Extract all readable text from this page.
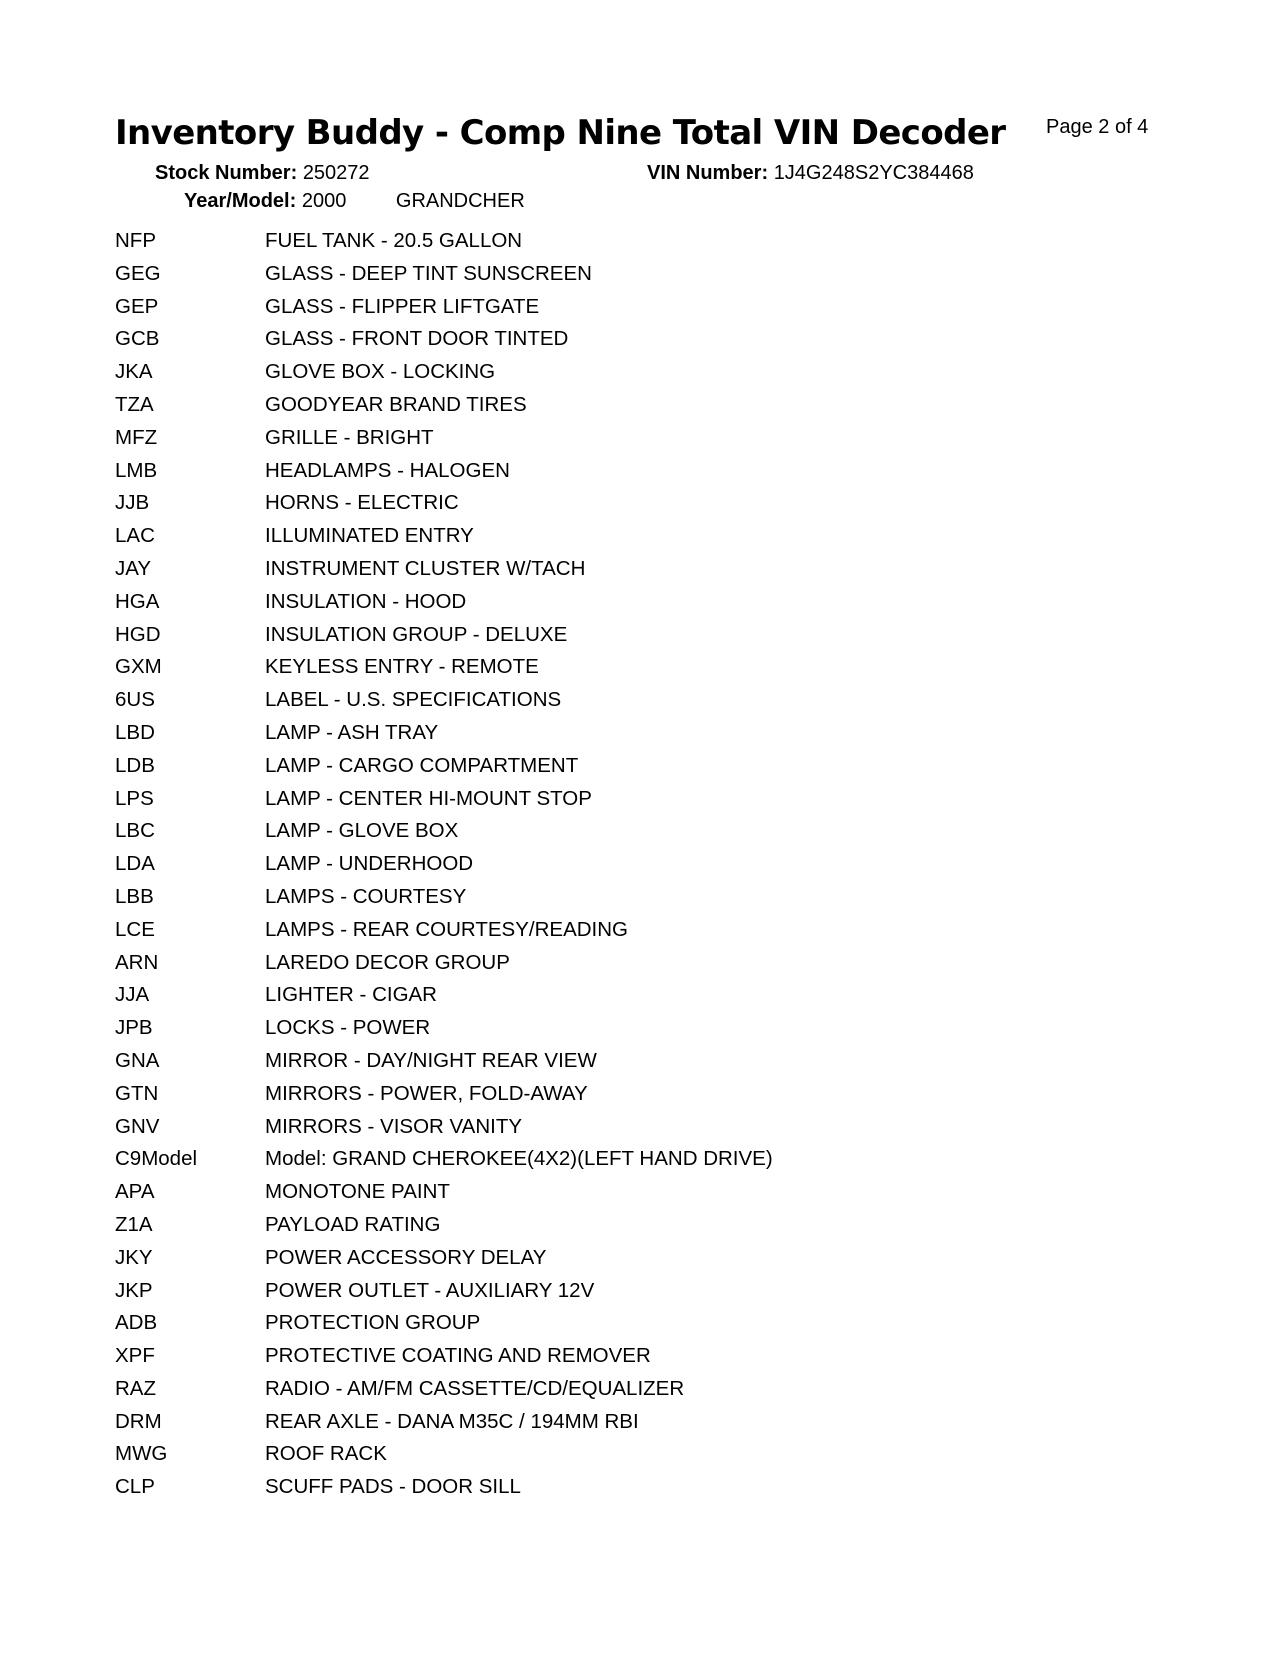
Inventory Buddy - Comp Nine Total VIN Decoder Page 2 of 4
Stock Number: 250272
Year/Model: 2000 GRANDCHER
VIN Number: 1J4G248S2YC384468
NFP	FUEL TANK - 20.5 GALLON
GEG	GLASS - DEEP TINT SUNSCREEN
GEP	GLASS - FLIPPER LIFTGATE
GCB	GLASS - FRONT DOOR TINTED
JKA	GLOVE BOX - LOCKING
TZA	GOODYEAR BRAND TIRES
MFZ	GRILLE - BRIGHT
LMB	HEADLAMPS - HALOGEN
JJB	HORNS - ELECTRIC
LAC	ILLUMINATED ENTRY
JAY	INSTRUMENT CLUSTER W/TACH
HGA	INSULATION - HOOD
HGD	INSULATION GROUP - DELUXE
GXM	KEYLESS ENTRY - REMOTE
6US	LABEL - U.S. SPECIFICATIONS
LBD	LAMP - ASH TRAY
LDB	LAMP - CARGO COMPARTMENT
LPS	LAMP - CENTER HI-MOUNT STOP
LBC	LAMP - GLOVE BOX
LDA	LAMP - UNDERHOOD
LBB	LAMPS - COURTESY
LCE	LAMPS - REAR COURTESY/READING
ARN	LAREDO DECOR GROUP
JJA	LIGHTER - CIGAR
JPB	LOCKS - POWER
GNA	MIRROR - DAY/NIGHT REAR VIEW
GTN	MIRRORS - POWER, FOLD-AWAY
GNV	MIRRORS - VISOR VANITY
C9Model	Model: GRAND CHEROKEE(4X2)(LEFT HAND DRIVE)
APA	MONOTONE PAINT
Z1A	PAYLOAD RATING
JKY	POWER ACCESSORY DELAY
JKP	POWER OUTLET - AUXILIARY 12V
ADB	PROTECTION GROUP
XPF	PROTECTIVE COATING AND REMOVER
RAZ	RADIO - AM/FM CASSETTE/CD/EQUALIZER
DRM	REAR AXLE - DANA M35C / 194MM RBI
MWG	ROOF RACK
CLP	SCUFF PADS - DOOR SILL
